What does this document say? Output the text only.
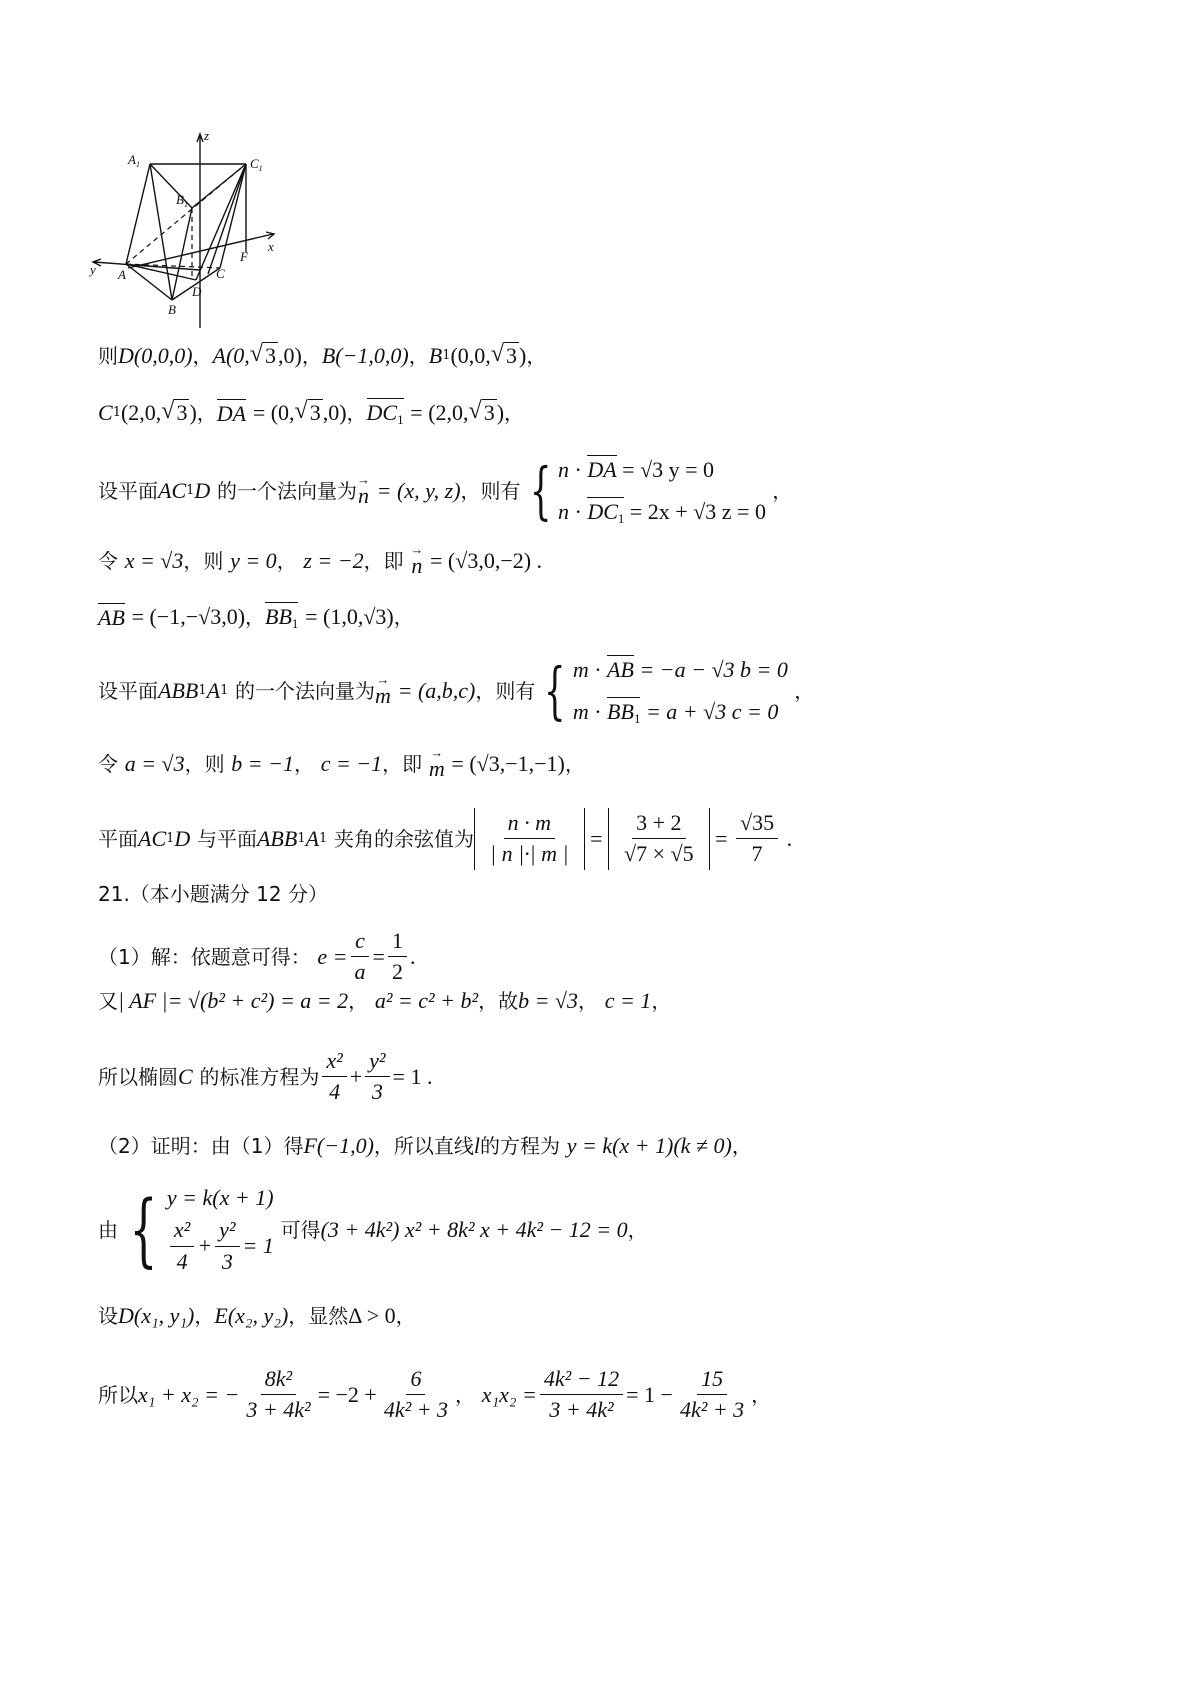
z
x
y
$A_1$	$C_1$
$B_1$
A
B
C
D
F
则 D(0,0,0) ， A(0, √ 3 ,0) ， B(−1,0,0) ， B 1 (0,0, √ 3 ) ，
C 1 (2,0, √ 3 ) ， DA
= (0, √ 3 ,0) ， $DC_1$
= (2,0, √ 3 ) ，
设平面 AC 1 D
的一个法向量为 →
n
= (x, y, z) ，则有 { n · DA = √3 y = 0
$n \cdot DC_1 = 2x + √3$ z = 0
，
令
x = √3 ，则
y = 0 ，
z = −2 ，即
→
n
= (√3,0,−2) .
AB
= (−1,−√3,0) ， $BB_1$
= (1,0,√3) ，
设平面 ABB 1 A 1
的一个法向量为 →
m
= (a,b,c) ，则有 { m · AB = −a − √3 b = 0
$m \cdot BB_1 = a + √3$ c = 0
，
令
a = √3 ，则
b = −1 ，
c = −1 ，即
→
m
= (√3,−1,−1) ，
平面 AC 1 D
与平面 ABB 1 A 1
夹角的余弦值为 $\frac{n \cdot m}{| n |\cdot| m |} = \frac{3 + 2}{√7 \times √5} = \frac{√35}{7}$ .
21.（本小题满分 12 分）
（1）解：依题意可得：
$e = \frac{c}{a} = \frac{1}{2}$ .
又 | AF |= √(b² + c²) = a = 2 ，
a² = c² + b² ，故 b = √3 ，
c = 1 ，
所以椭圆 C
的标准方程为 $\frac{\text{x²}}{4} + \frac{\text{y²}}{3} = 1$ .
（2）证明：由（1）得 F(−1,0) ，所以直线 l 的方程为
y = k(x + 1)(k ≠ 0) ，
由 { y = k(x + 1)
$\frac{\text{x²}}{4} + \frac{\text{y²}}{3} = 1$

可得 (3 + 4k²) x² + 8k² x + 4k² − 12 = 0 ，
设 D(x₁, y₁) ， E(x₂, y₂) ，显然 Δ > 0 ，
所以 x₁ + x₂ = − $\frac{\text{8k²}}{\text{3 + 4k²}} = -2 + \frac{6}{\text{4k² + 3}}$ ，
$x_1x_2 = \frac{\text{4k² − 12}}{\text{3 + 4k²}} = 1 - \frac{15}{\text{4k² + 3}}$ ，
